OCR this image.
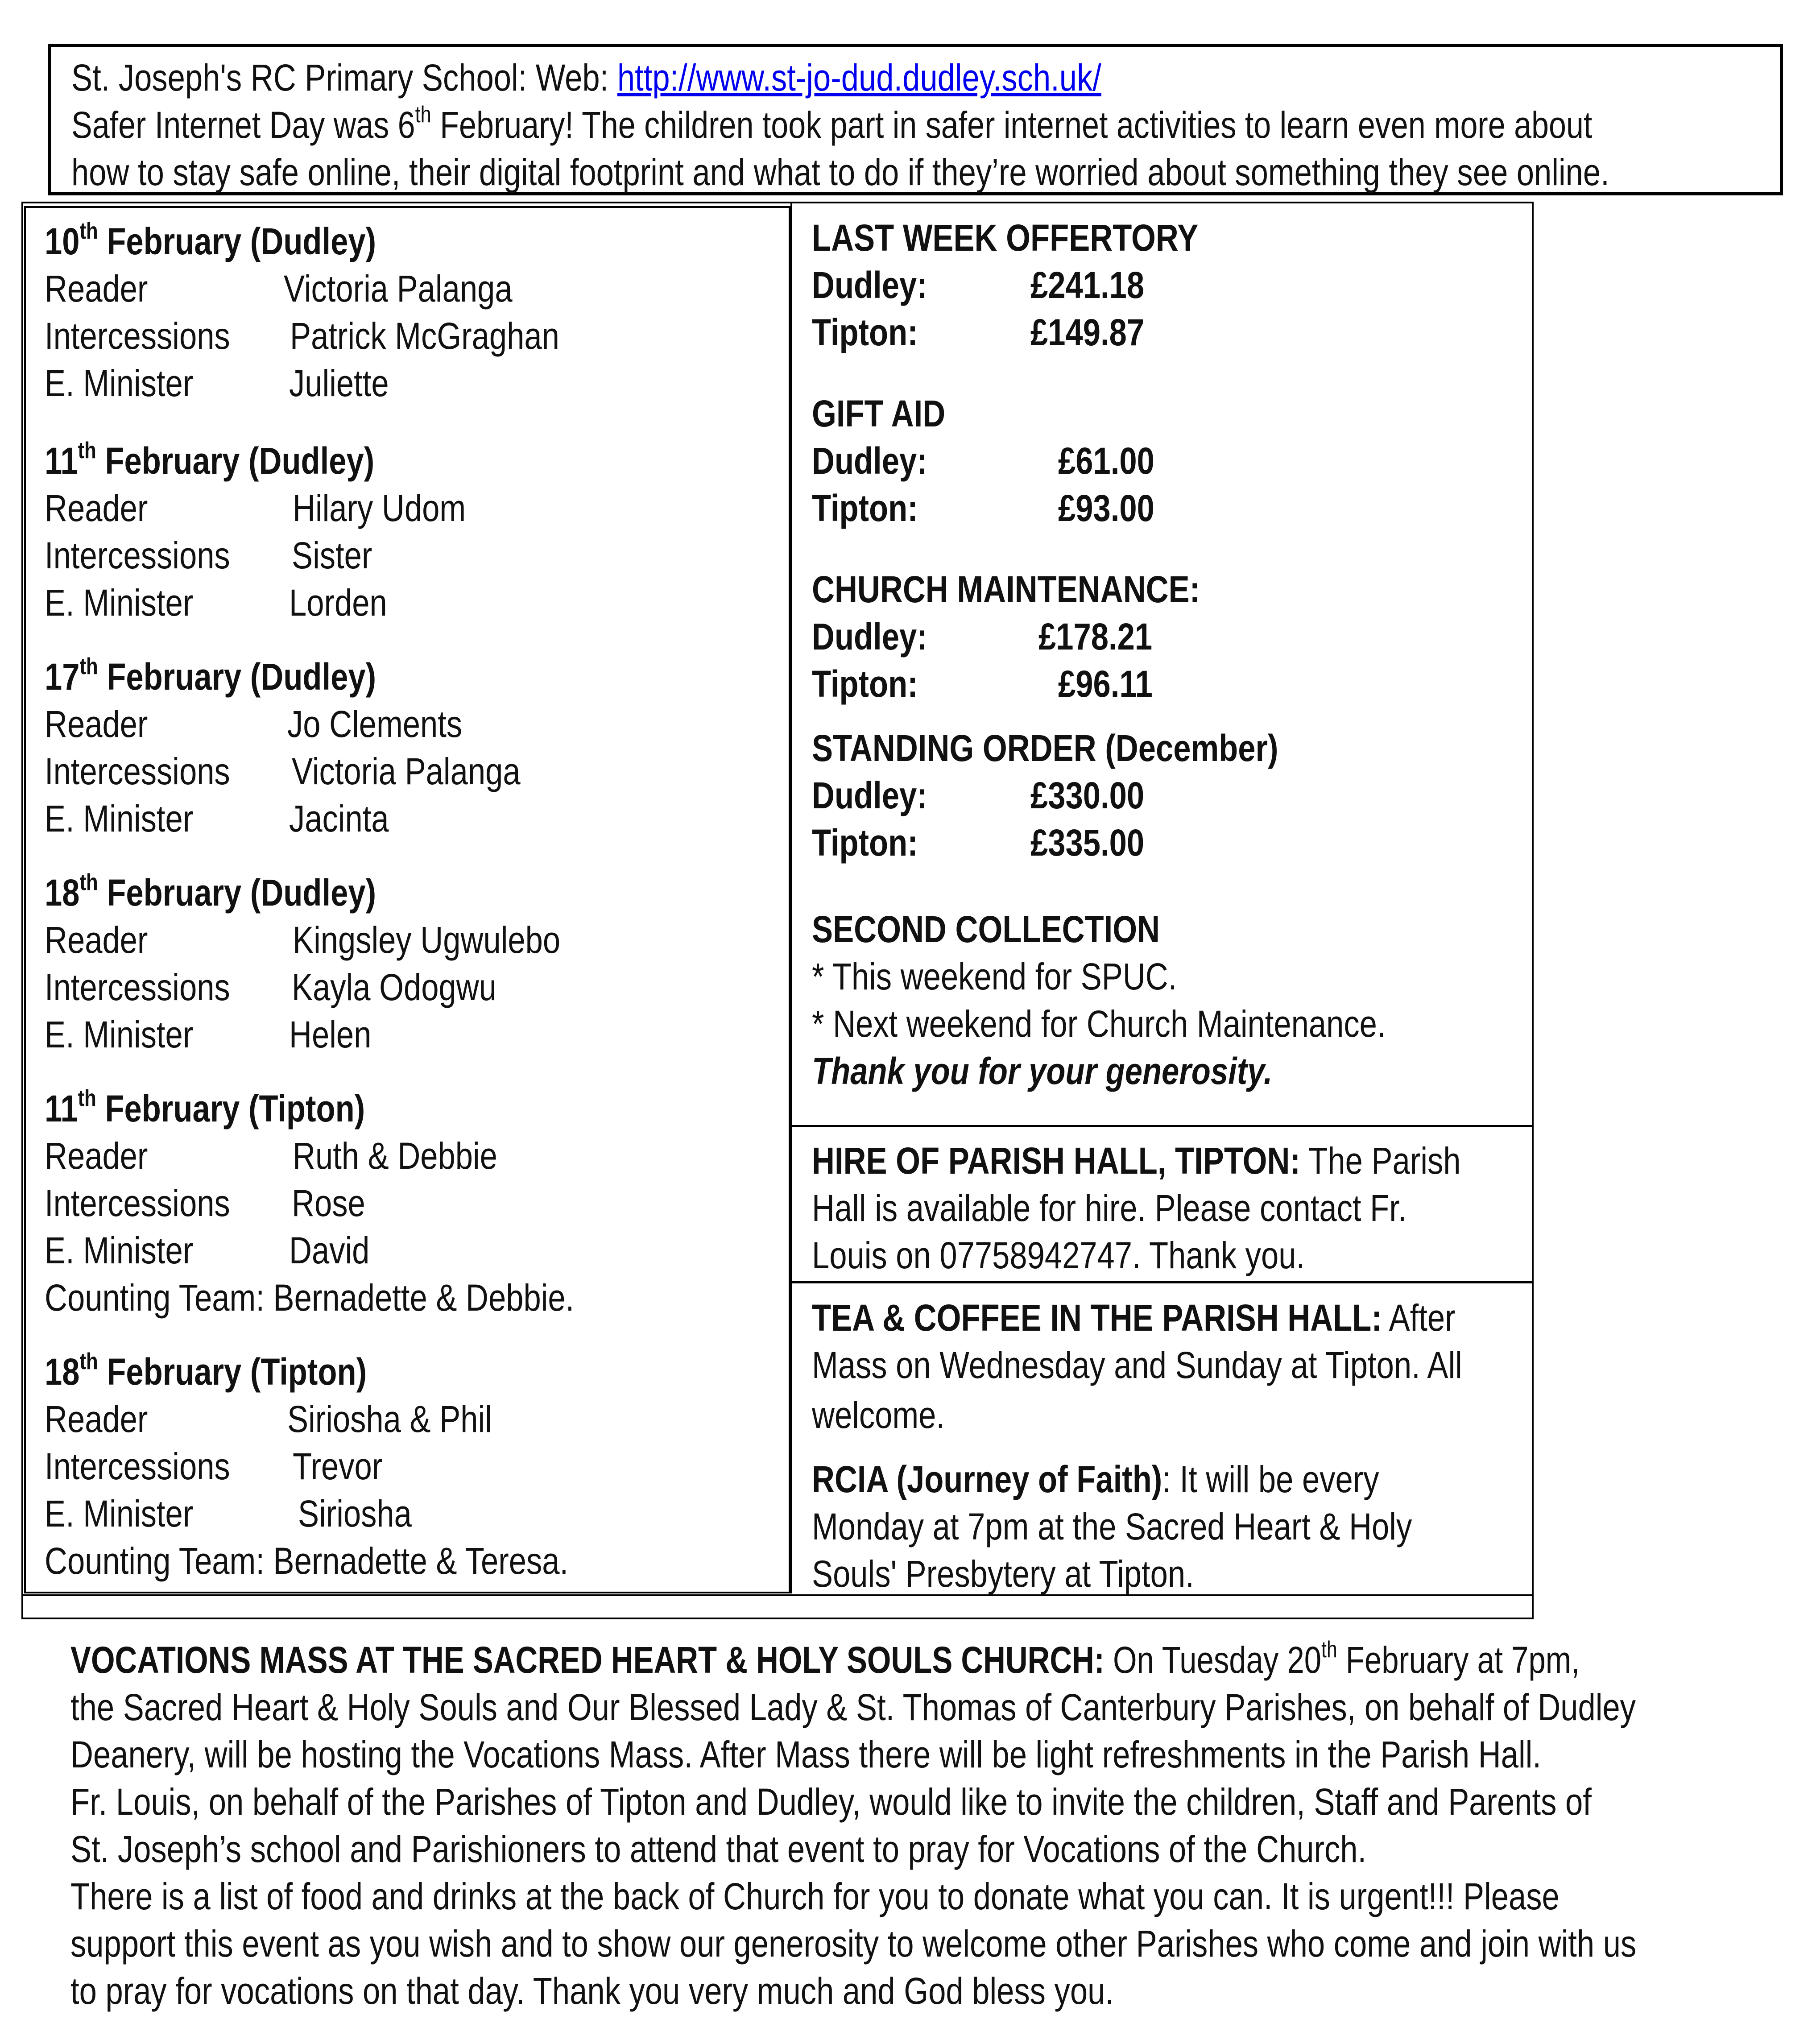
St. Joseph's RC Primary School: Web: http://www.st-jo-dud.dudley.sch.uk/
Safer Internet Day was 6th February! The children took part in safer internet activities to learn even more about
how to stay safe online, their digital footprint and what to do if they’re worried about something they see online.
10th February (Dudley)
Reader	Victoria Palanga
Intercessions	Patrick McGraghan
E. Minister	Juliette
11th February (Dudley)
Reader	Hilary Udom
Intercessions	Sister
E. Minister	Lorden
17th February (Dudley)
Reader	Jo Clements
Intercessions	Victoria Palanga
E. Minister	Jacinta
18th February (Dudley)
Reader	Kingsley Ugwulebo
Intercessions	Kayla Odogwu
E. Minister	Helen
11th February (Tipton)
Reader	Ruth & Debbie
Intercessions	Rose
E. Minister	David
Counting Team: Bernadette & Debbie.
18th February (Tipton)
Reader	Siriosha & Phil
Intercessions	Trevor
E. Minister	Siriosha
Counting Team: Bernadette & Teresa.
LAST WEEK OFFERTORY
Dudley:	£241.18
Tipton:	£149.87
GIFT AID
Dudley:	£61.00
Tipton:	£93.00
CHURCH MAINTENANCE:
Dudley:	£178.21
Tipton:	£96.11
STANDING ORDER (December)
Dudley:	£330.00
Tipton:	£335.00
SECOND COLLECTION
* This weekend for SPUC.
* Next weekend for Church Maintenance.
Thank you for your generosity.
HIRE OF PARISH HALL, TIPTON: The Parish
Hall is available for hire. Please contact Fr.
Louis on 07758942747. Thank you.
TEA & COFFEE IN THE PARISH HALL: After
Mass on Wednesday and Sunday at Tipton. All
welcome.
RCIA (Journey of Faith): It will be every
Monday at 7pm at the Sacred Heart & Holy
Souls' Presbytery at Tipton.
VOCATIONS MASS AT THE SACRED HEART & HOLY SOULS CHURCH: On Tuesday 20th February at 7pm,
the Sacred Heart & Holy Souls and Our Blessed Lady & St. Thomas of Canterbury Parishes, on behalf of Dudley
Deanery, will be hosting the Vocations Mass. After Mass there will be light refreshments in the Parish Hall.
Fr. Louis, on behalf of the Parishes of Tipton and Dudley, would like to invite the children, Staff and Parents of
St. Joseph’s school and Parishioners to attend that event to pray for Vocations of the Church.
There is a list of food and drinks at the back of Church for you to donate what you can. It is urgent!!! Please
support this event as you wish and to show our generosity to welcome other Parishes who come and join with us
to pray for vocations on that day. Thank you very much and God bless you.
